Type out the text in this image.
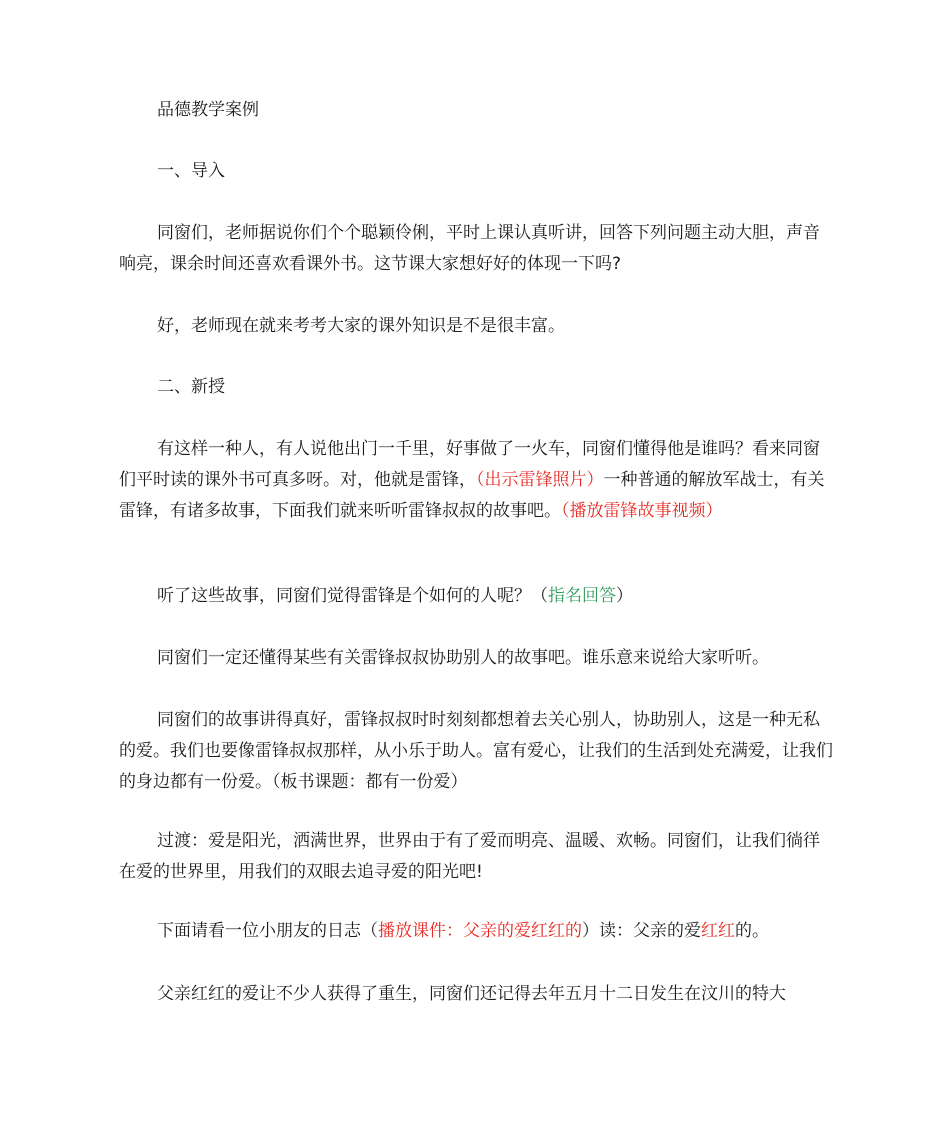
品德教学案例

一、导入

同窗们，老师据说你们个个聪颖伶俐，平时上课认真听讲，回答下列问题主动大胆，声音响亮，课余时间还喜欢看课外书。这节课大家想好好的体现一下吗?

好，老师现在就来考考大家的课外知识是不是很丰富。

二、新授

有这样一种人，有人说他出门一千里，好事做了一火车，同窗们懂得他是谁吗？看来同窗们平时读的课外书可真多呀。对，他就是雷锋，（出示雷锋照片）一种普通的解放军战士，有关雷锋，有诸多故事，下面我们就来听听雷锋叔叔的故事吧。（播放雷锋故事视频）

听了这些故事，同窗们觉得雷锋是个如何的人呢？（指名回答）

同窗们一定还懂得某些有关雷锋叔叔协助别人的故事吧。谁乐意来说给大家听听。

同窗们的故事讲得真好，雷锋叔叔时时刻刻都想着去关心别人，协助别人，这是一种无私的爱。我们也要像雷锋叔叔那样，从小乐于助人。富有爱心，让我们的生活到处充满爱，让我们的身边都有一份爱。（板书课题：都有一份爱）

过渡：爱是阳光，洒满世界，世界由于有了爱而明亮、温暖、欢畅。同窗们，让我们徜徉在爱的世界里，用我们的双眼去追寻爱的阳光吧!

下面请看一位小朋友的日志（播放课件：父亲的爱红红的）读：父亲的爱红红的。

父亲红红的爱让不少人获得了重生，同窗们还记得去年五月十二日发生在汶川的特大
